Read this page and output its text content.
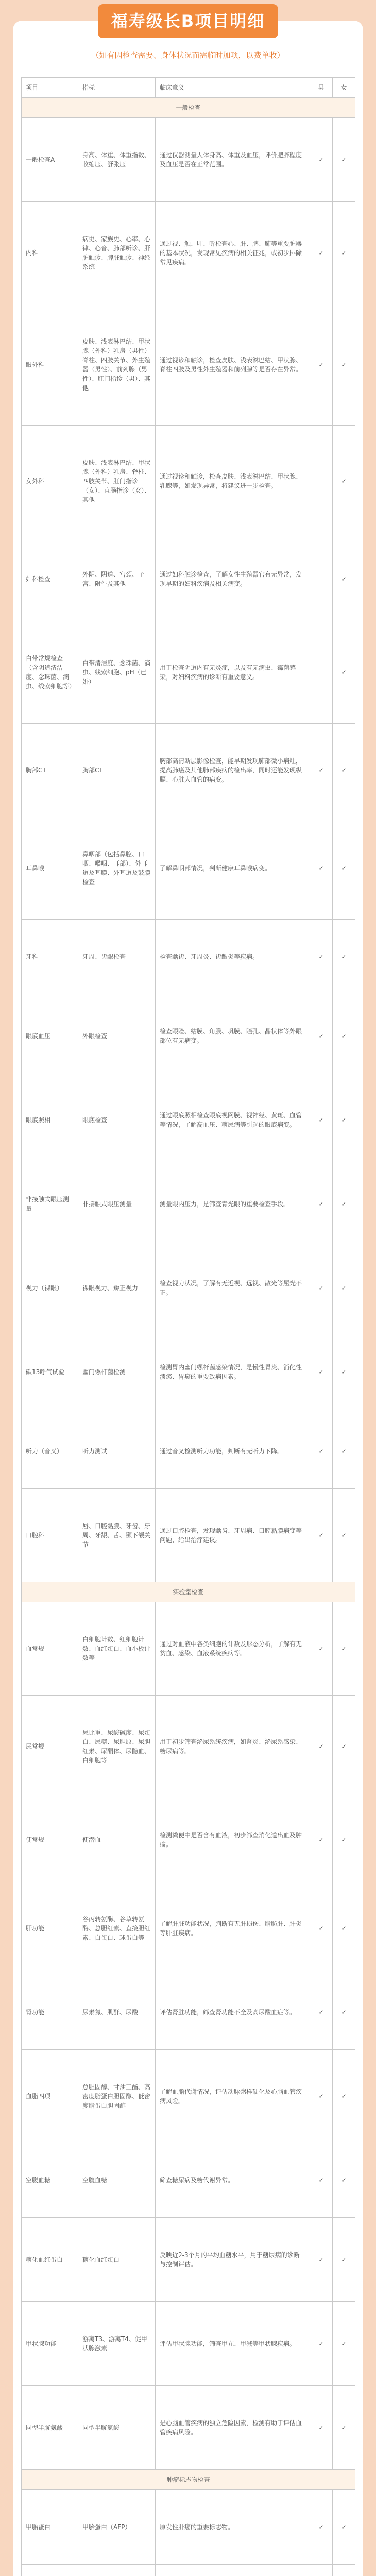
福寿级长B项目明细
（如有因检查需要、身体状况而需临时加项，以费单收）
项目	指标	临床意义	男	女
一般检查				
一般检查A	身高、体重、体重指数、收缩压、舒张压	通过仪器测量人体身高、体重及血压，评价肥胖程度及血压是否在正常范围。	✓	✓
内科	病史、家族史、心率、心律、心音、肺部听诊、肝脏触诊、脾脏触诊、神经系统	通过视、触、叩、听检查心、肝、脾、肺等重要脏器的基本状况，发现常见疾病的相关征兆，或初步排除常见疾病。	✓	✓
眼外科	皮肤、浅表淋巴结、甲状腺（外科）乳房（男性）脊柱、四肢关节、外生殖器（男性）、前列腺（男性）、肛门指诊（男）、其他	通过视诊和触诊，检查皮肤、浅表淋巴结、甲状腺、脊柱四肢及男性外生殖器和前列腺等是否存在异常。	✓	✓
女外科	皮肤、浅表淋巴结、甲状腺（外科）乳房、脊柱、四肢关节、肛门指诊（女）、直肠指诊（女）、其他	通过视诊和触诊，检查皮肤、浅表淋巴结、甲状腺、乳腺等，如发现异常，将建议进一步检查。		✓
妇科检查	外阴、阴道、宫颈、子宫、附件及其他	通过妇科触诊检查，了解女性生殖器官有无异常，发现早期的妇科疾病及相关病变。		✓
白带常规检查（含阴道清洁度、念珠菌、滴虫、线索细胞等）	白带清洁度、念珠菌、滴虫、线索细胞、pH（已婚）	用于检查阴道内有无炎症，以及有无滴虫、霉菌感染，对妇科疾病的诊断有重要意义。		✓
胸部CT	胸部CT	胸部高清断层影像检查，能早期发现肺部微小病灶，提高肺癌及其他肺部疾病的检出率，同时还能发现纵膈、心脏大血管的病变。	✓	✓
耳鼻喉	鼻咽部（包括鼻腔、口咽、喉咽、耳部）、外耳道及耳膜、外耳道及鼓膜检查	了解鼻咽部情况，判断健康耳鼻喉病变。	✓	✓
牙科	牙周、齿龈检查	检查龋齿、牙周炎、齿龈炎等疾病。	✓	✓
眼底血压	外眼检查	检查眼睑、结膜、角膜、巩膜、瞳孔、晶状体等外眼部位有无病变。	✓	✓
眼底照相	眼底检查	通过眼底照相检查眼底视网膜、视神经、黄斑、血管等情况，了解高血压、糖尿病等引起的眼底病变。	✓	✓
非接触式眼压测量	非接触式眼压测量	测量眼内压力，是筛查青光眼的重要检查手段。	✓	✓
视力（裸眼）	裸眼视力、矫正视力	检查视力状况，了解有无近视、远视、散光等屈光不正。	✓	✓
碳13呼气试验	幽门螺杆菌检测	检测胃内幽门螺杆菌感染情况，是慢性胃炎、消化性溃疡、胃癌的重要致病因素。	✓	✓
听力（音叉）	听力测试	通过音叉检测听力功能，判断有无听力下降。	✓	✓
口腔科	唇、口腔黏膜、牙齿、牙周、牙龈、舌、颞下颌关节	通过口腔检查，发现龋齿、牙周病、口腔黏膜病变等问题，给出治疗建议。	✓	✓
实验室检查				
血常规	白细胞计数、红细胞计数、血红蛋白、血小板计数等	通过对血液中各类细胞的计数及形态分析，了解有无贫血、感染、血液系统疾病等。	✓	✓
尿常规	尿比重、尿酸碱度、尿蛋白、尿糖、尿胆原、尿胆红素、尿酮体、尿隐血、白细胞等	用于初步筛查泌尿系统疾病，如肾炎、泌尿系感染、糖尿病等。	✓	✓
便常规	便潜血	检测粪便中是否含有血液，初步筛查消化道出血及肿瘤。	✓	✓
肝功能	谷丙转氨酶、谷草转氨酶、总胆红素、直接胆红素、白蛋白、球蛋白等	了解肝脏功能状况，判断有无肝损伤、脂肪肝、肝炎等肝脏疾病。	✓	✓
肾功能	尿素氮、肌酐、尿酸	评估肾脏功能，筛查肾功能不全及高尿酸血症等。	✓	✓
血脂四项	总胆固醇、甘油三酯、高密度脂蛋白胆固醇、低密度脂蛋白胆固醇	了解血脂代谢情况，评估动脉粥样硬化及心脑血管疾病风险。	✓	✓
空腹血糖	空腹血糖	筛查糖尿病及糖代谢异常。	✓	✓
糖化血红蛋白	糖化血红蛋白	反映近2-3个月的平均血糖水平，用于糖尿病的诊断与控制评估。	✓	✓
甲状腺功能	游离T3、游离T4、促甲状腺激素	评估甲状腺功能，筛查甲亢、甲减等甲状腺疾病。	✓	✓
同型半胱氨酸	同型半胱氨酸	是心脑血管疾病的独立危险因素，检测有助于评估血管疾病风险。	✓	✓
肿瘤标志物检查				
甲胎蛋白	甲胎蛋白（AFP）	原发性肝癌的重要标志物。	✓	✓
